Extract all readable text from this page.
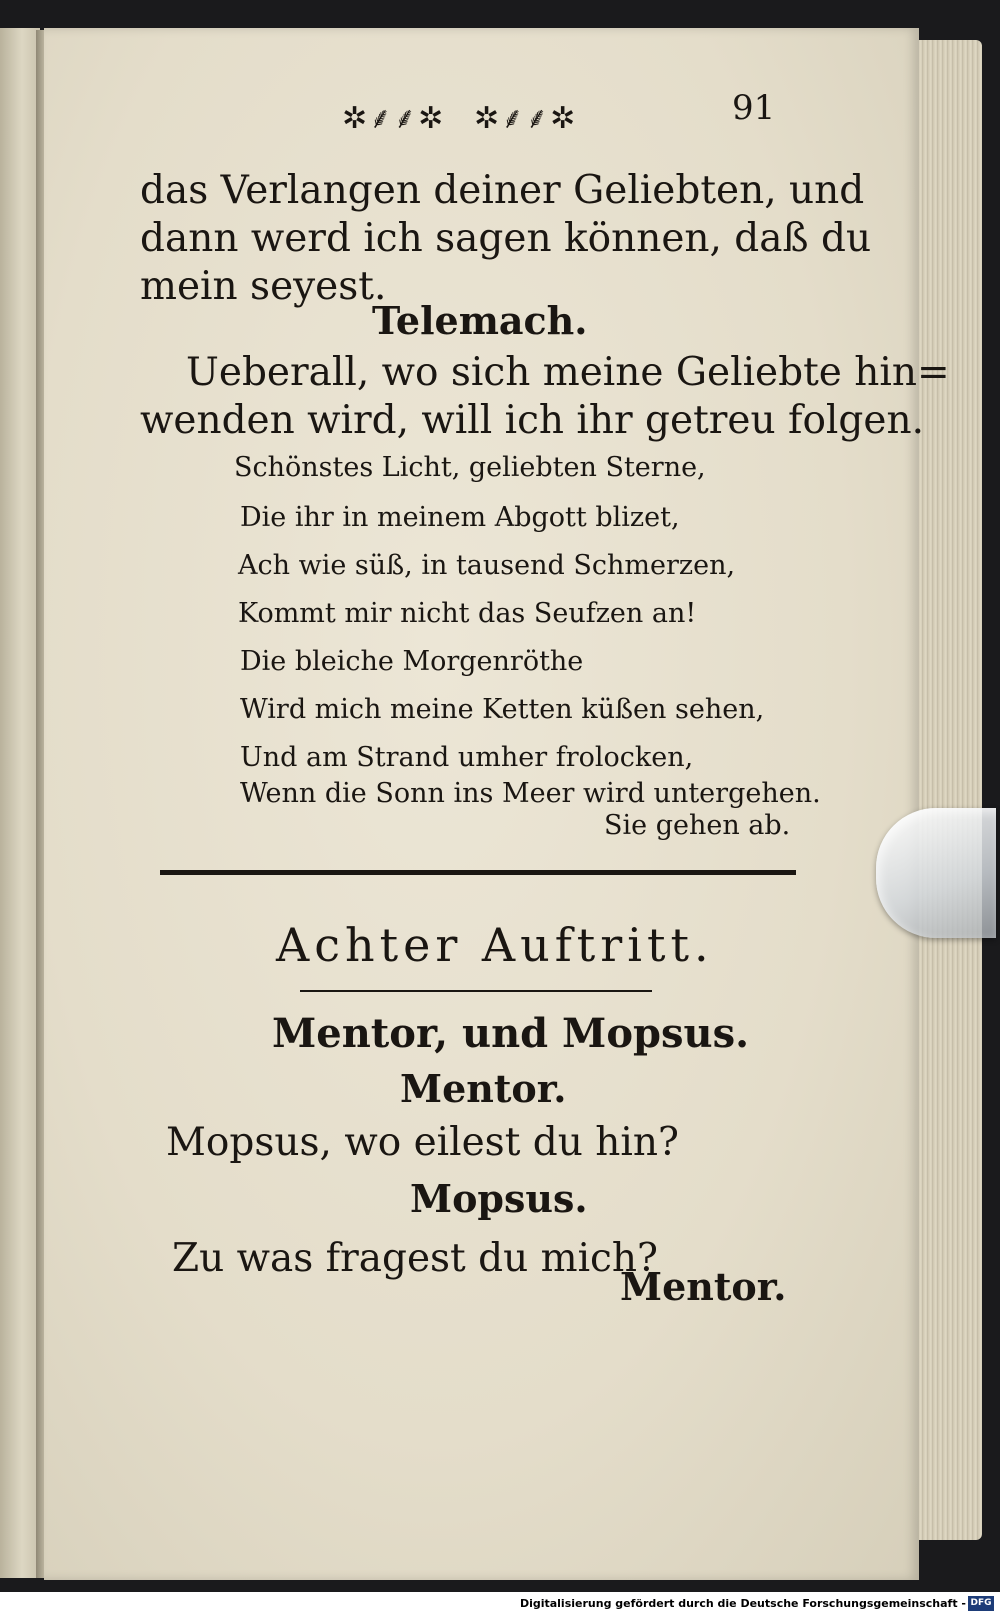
✲⸙⸙✲ ✲⸙⸙✲	91
das Verlangen deiner Geliebten, und
dann werd ich sagen können, daß du
mein seyest.
Telemach.
Ueberall, wo sich meine Geliebte hin=
wenden wird, will ich ihr getreu folgen.
Schönstes Licht, geliebten Sterne,
Die ihr in meinem Abgott blizet,
Ach wie süß, in tausend Schmerzen,
Kommt mir nicht das Seufzen an!
Die bleiche Morgenröthe
Wird mich meine Ketten küßen sehen,
Und am Strand umher frolocken,
Wenn die Sonn ins Meer wird untergehen.
Sie gehen ab.
Achter Auftritt.
Mentor, und Mopsus.
Mentor.
Mopsus, wo eilest du hin?
Mopsus.
Zu was fragest du mich?
Mentor.
Digitalisierung gefördert durch die Deutsche Forschungsgemeinschaft - DFG
